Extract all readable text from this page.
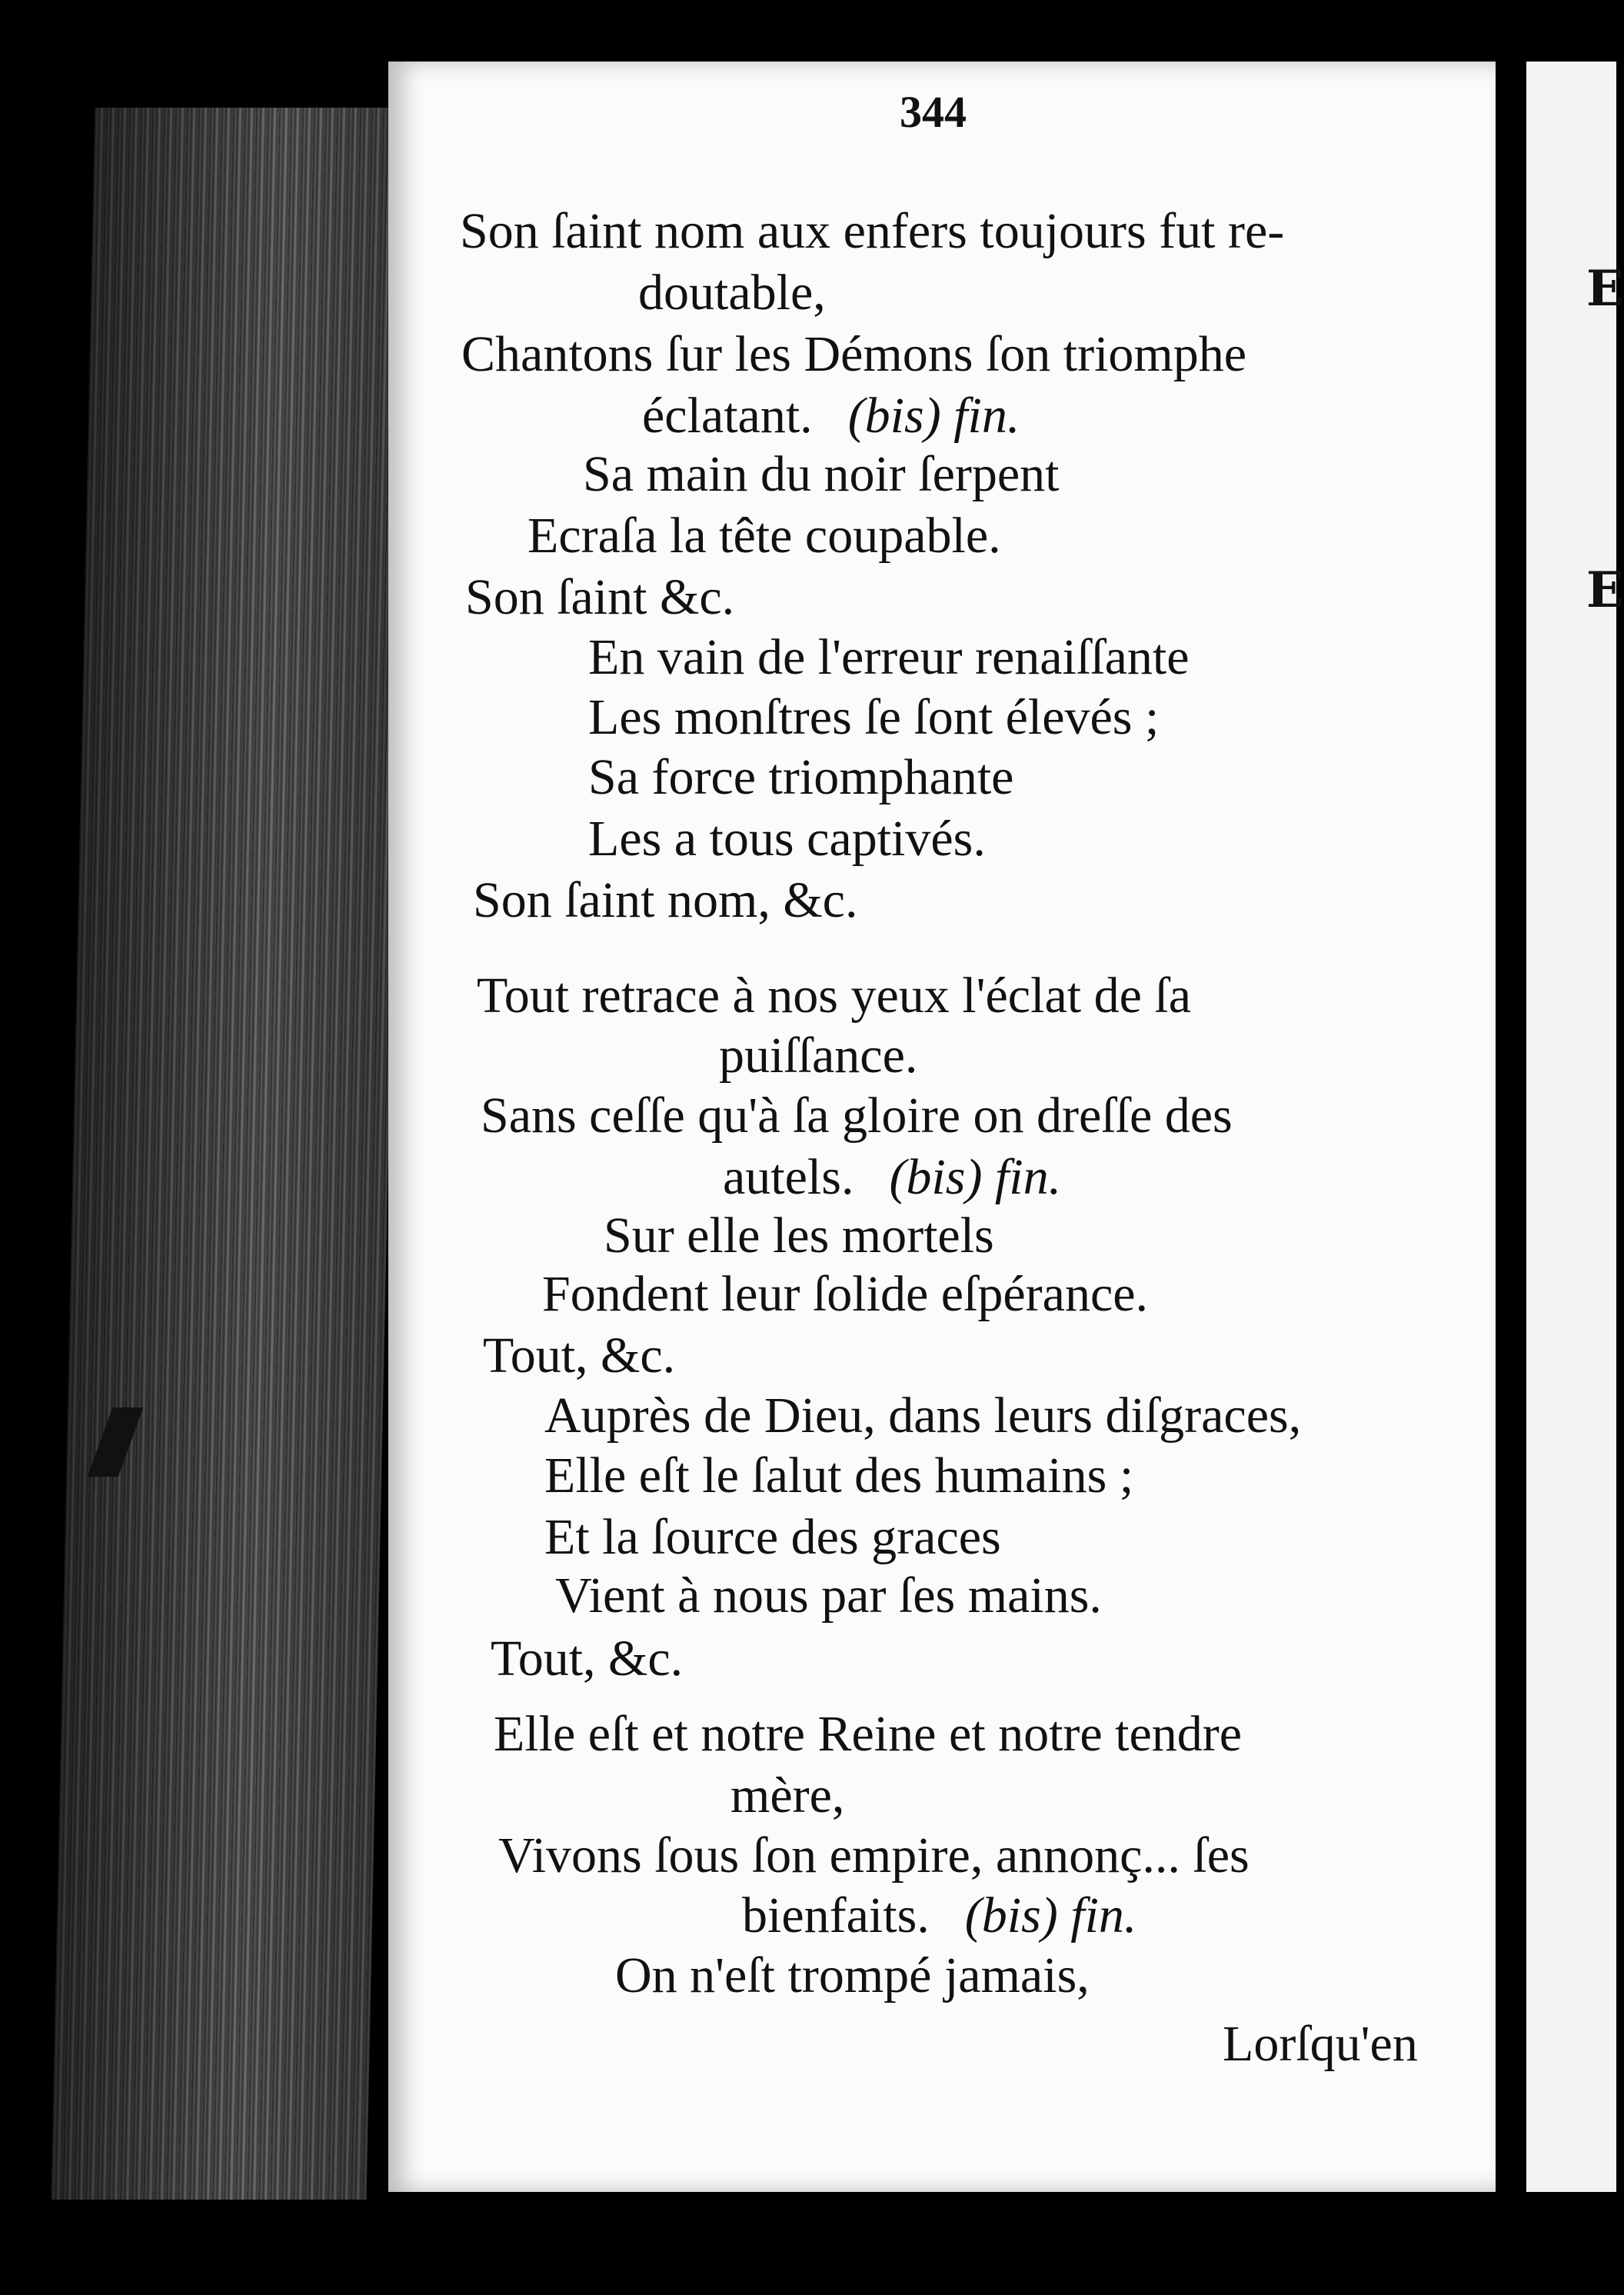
E
E
344
Son ſaint nom aux enfers toujours fut re-
doutable,
Chantons ſur les Démons ſon triomphe
éclatant. (bis) fin.
Sa main du noir ſerpent
Ecraſa la tête coupable.
Son ſaint &c.
En vain de l'erreur renaiſſante
Les monſtres ſe ſont élevés ;
Sa force triomphante
Les a tous captivés.
Son ſaint nom, &c.
Tout retrace à nos yeux l'éclat de ſa
puiſſance.
Sans ceſſe qu'à ſa gloire on dreſſe des
autels. (bis) fin.
Sur elle les mortels
Fondent leur ſolide eſpérance.
Tout, &c.
Auprès de Dieu, dans leurs diſgraces,
Elle eſt le ſalut des humains ;
Et la ſource des graces
Vient à nous par ſes mains.
Tout, &c.
Elle eſt et notre Reine et notre tendre
mère,
Vivons ſous ſon empire, annonç... ſes
bienfaits. (bis) fin.
On n'eſt trompé jamais,
Lorſqu'en
